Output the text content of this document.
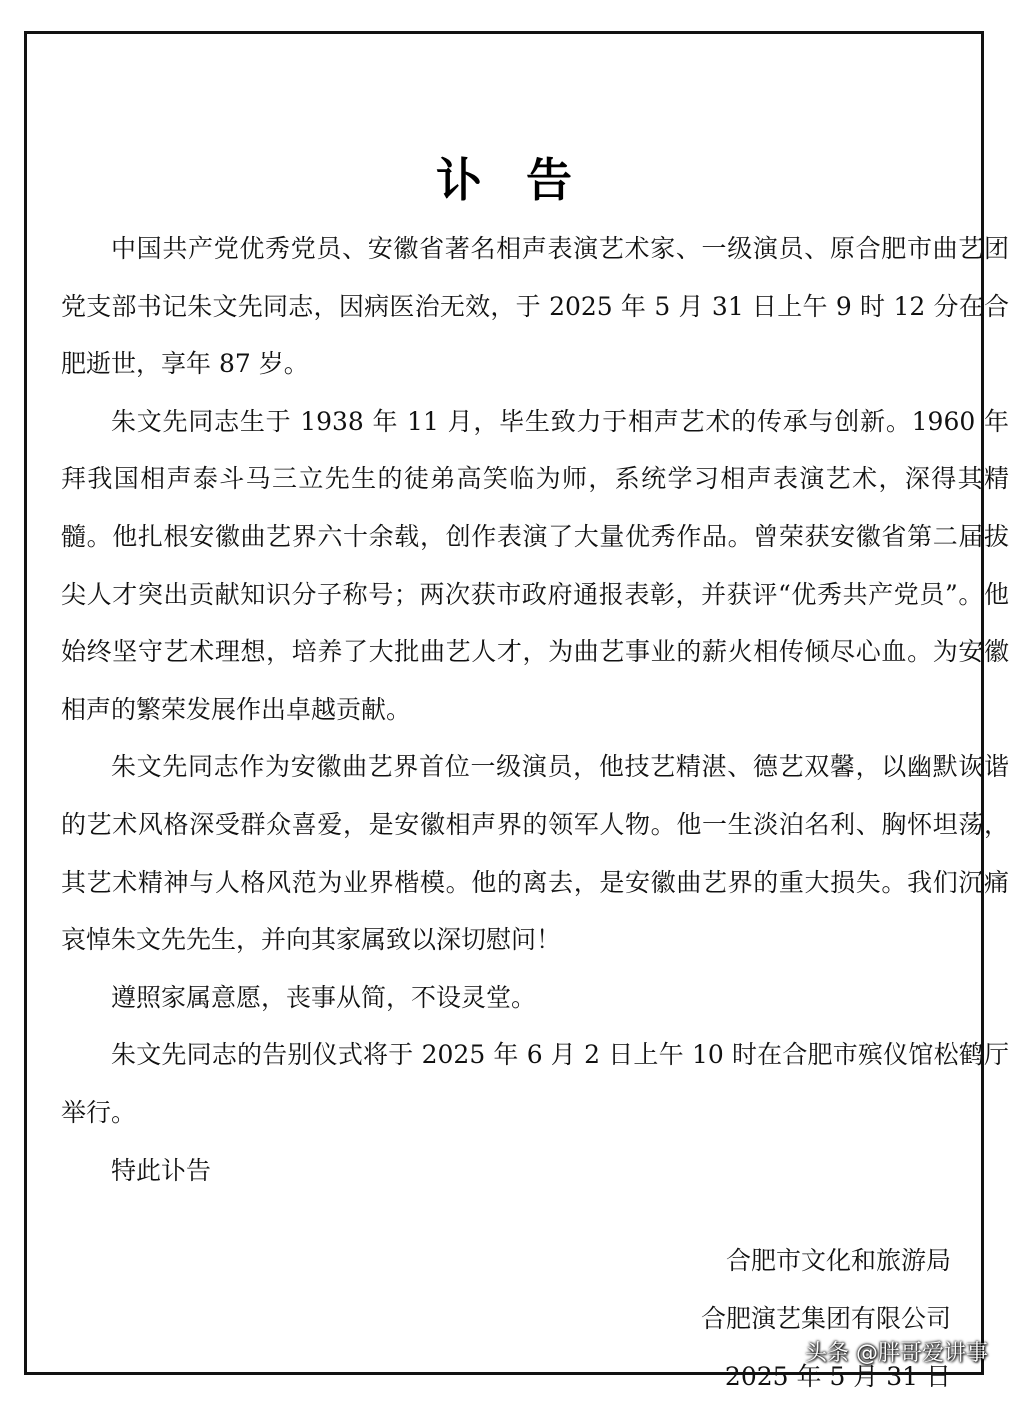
讣告

中国共产党优秀党员、安徽省著名相声表演艺术家、一级演员、原合肥市曲艺团党支部书记朱文先同志，因病医治无效，于 2025 年 5 月 31 日上午 9 时 12 分在合肥逝世，享年 87 岁。

朱文先同志生于 1938 年 11 月，毕生致力于相声艺术的传承与创新。1960 年拜我国相声泰斗马三立先生的徒弟高笑临为师，系统学习相声表演艺术，深得其精髓。他扎根安徽曲艺界六十余载，创作表演了大量优秀作品。曾荣获安徽省第二届拔尖人才突出贡献知识分子称号；两次获市政府通报表彰，并获评“优秀共产党员”。他始终坚守艺术理想，培养了大批曲艺人才，为曲艺事业的薪火相传倾尽心血。为安徽相声的繁荣发展作出卓越贡献。

朱文先同志作为安徽曲艺界首位一级演员，他技艺精湛、德艺双馨，以幽默诙谐的艺术风格深受群众喜爱，是安徽相声界的领军人物。他一生淡泊名利、胸怀坦荡，其艺术精神与人格风范为业界楷模。他的离去，是安徽曲艺界的重大损失。我们沉痛哀悼朱文先先生，并向其家属致以深切慰问！

遵照家属意愿，丧事从简，不设灵堂。

朱文先同志的告别仪式将于 2025 年 6 月 2 日上午 10 时在合肥市殡仪馆松鹤厅举行。

特此讣告

合肥市文化和旅游局
合肥演艺集团有限公司
2025 年 5 月 31 日
头条 @胖哥爱讲事
